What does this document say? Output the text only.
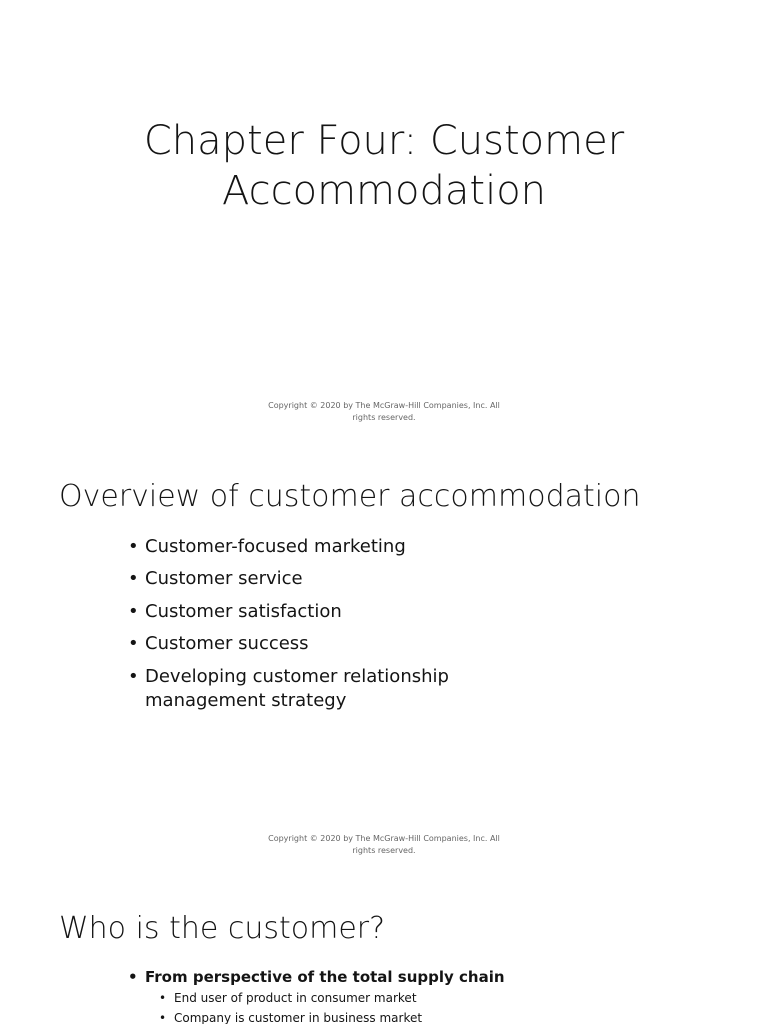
Chapter Four: Customer
Accommodation

Copyright © 2020 by The McGraw-Hill Companies, Inc. All
rights reserved.

Overview of customer accommodation
• Customer-focused marketing
• Customer service
• Customer satisfaction
• Customer success
• Developing customer relationship management strategy

Copyright © 2020 by The McGraw-Hill Companies, Inc. All
rights reserved.

Who is the customer?
• From perspective of the total supply chain
• End user of product in consumer market
• Company is customer in business market
